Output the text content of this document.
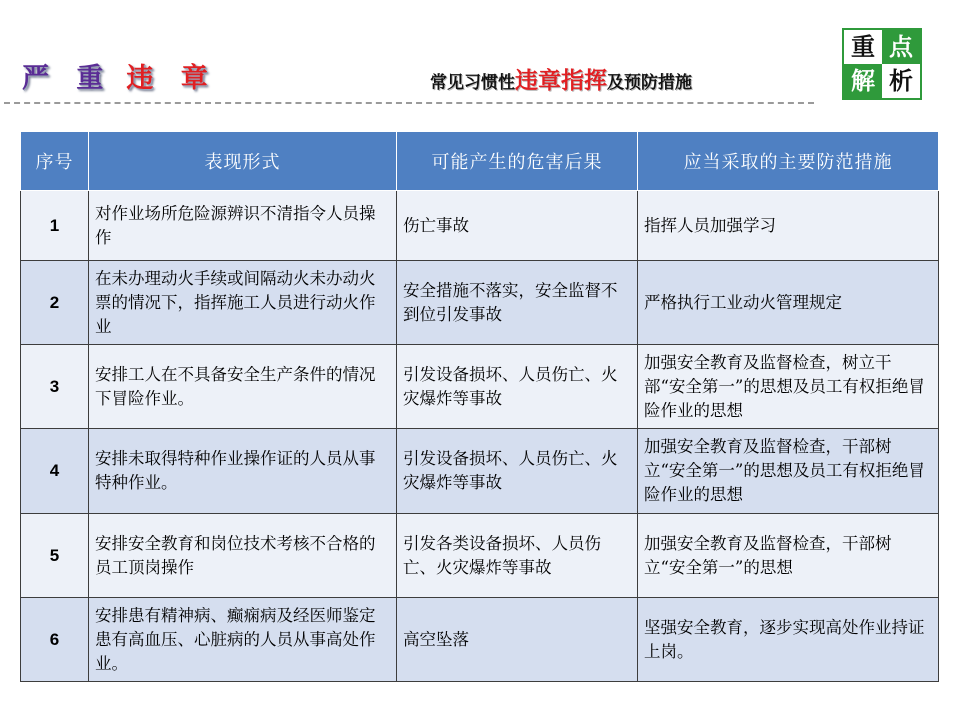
严 重 违 章	常见习惯性违章指挥及预防措施
重 点
解 析
序号	表现形式	可能产生的危害后果	应当采取的主要防范措施
1	对作业场所危险源辨识不清指令人员操作	伤亡事故	指挥人员加强学习
2	在未办理动火手续或间隔动火未办动火票的情况下，指挥施工人员进行动火作业	安全措施不落实，安全监督不到位引发事故	严格执行工业动火管理规定
3	安排工人在不具备安全生产条件的情况下冒险作业。	引发设备损坏、人员伤亡、火灾爆炸等事故	加强安全教育及监督检查，树立干部“安全第一”的思想及员工有权拒绝冒险作业的思想
4	安排未取得特种作业操作证的人员从事特种作业。	引发设备损坏、人员伤亡、火灾爆炸等事故	加强安全教育及监督检查，干部树立“安全第一”的思想及员工有权拒绝冒险作业的思想
5	安排安全教育和岗位技术考核不合格的员工顶岗操作	引发各类设备损坏、人员伤亡、火灾爆炸等事故	加强安全教育及监督检查，干部树立“安全第一”的思想
6	安排患有精神病、癫痫病及经医师鉴定患有高血压、心脏病的人员从事高处作业。	高空坠落	坚强安全教育，逐步实现高处作业持证上岗。
